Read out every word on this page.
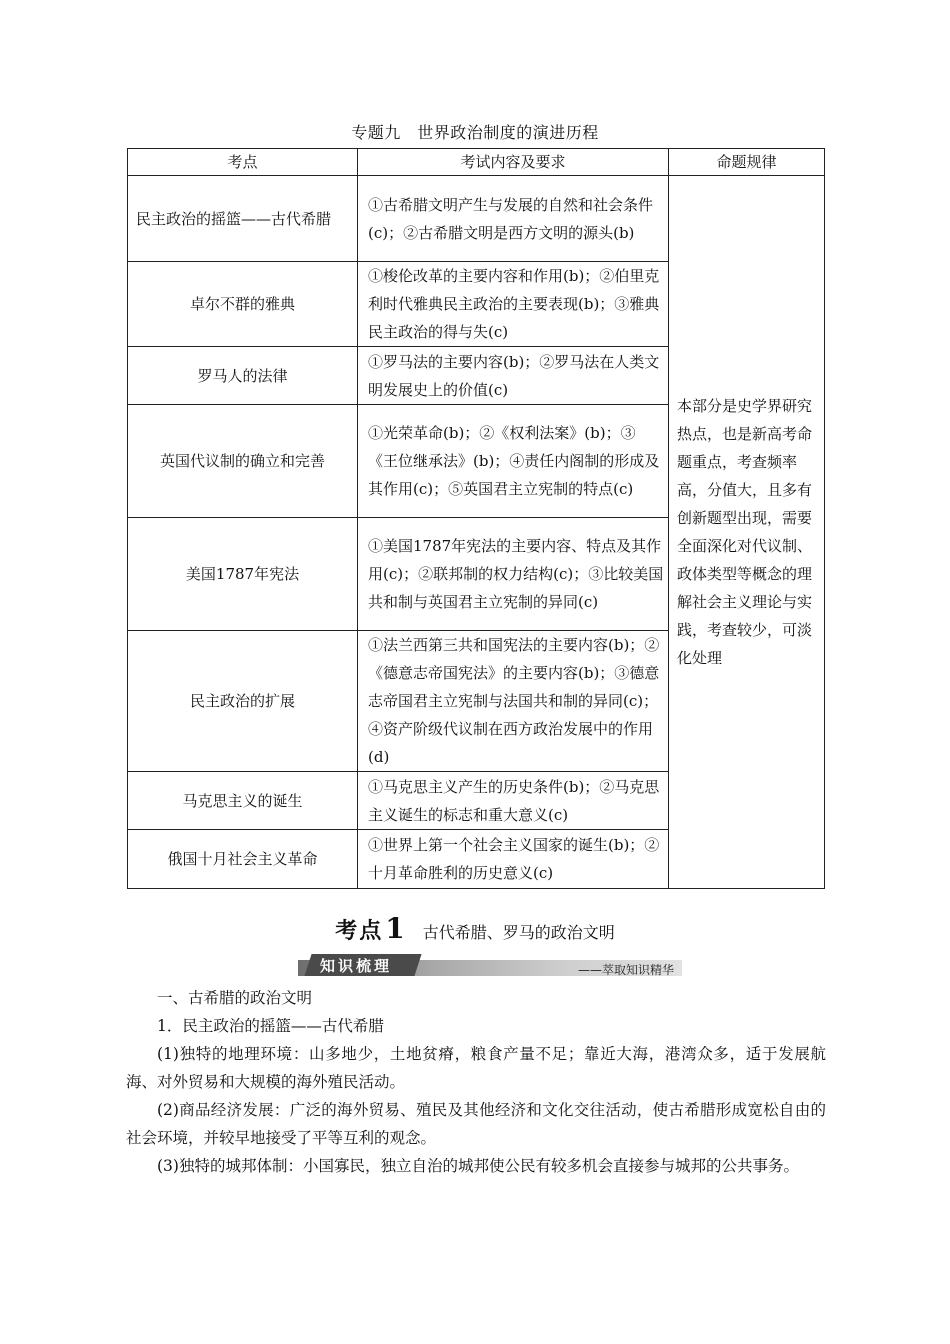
专题九　世界政治制度的演进历程
考点	考试内容及要求	命题规律
民主政治的摇篮——古代希腊	①古希腊文明产生与发展的自然和社会条件(c)；②古希腊文明是西方文明的源头(b)	本部分是史学界研究热点，也是新高考命题重点，考查频率高，分值大，且多有创新题型出现，需要全面深化对代议制、政体类型等概念的理解社会主义理论与实践，考查较少，可淡化处理
卓尔不群的雅典	①梭伦改革的主要内容和作用(b)；②伯里克利时代雅典民主政治的主要表现(b)；③雅典民主政治的得与失(c)	
罗马人的法律	①罗马法的主要内容(b)；②罗马法在人类文明发展史上的价值(c)	
英国代议制的确立和完善	①光荣革命(b)；②《权利法案》(b)；③《王位继承法》(b)；④责任内阁制的形成及其作用(c)；⑤英国君主立宪制的特点(c)	
美国1787年宪法	①美国1787年宪法的主要内容、特点及其作用(c)；②联邦制的权力结构(c)；③比较美国共和制与英国君主立宪制的异同(c)	
民主政治的扩展	①法兰西第三共和国宪法的主要内容(b)；②《德意志帝国宪法》的主要内容(b)；③德意志帝国君主立宪制与法国共和制的异同(c)；④资产阶级代议制在西方政治发展中的作用(d)	
马克思主义的诞生	①马克思主义产生的历史条件(b)；②马克思主义诞生的标志和重大意义(c)	
俄国十月社会主义革命	①世界上第一个社会主义国家的诞生(b)；②十月革命胜利的历史意义(c)	
考点1 古代希腊、罗马的政治文明
知识梳理	——萃取知识精华

一、古希腊的政治文明

1．民主政治的摇篮——古代希腊

(1)独特的地理环境：山多地少，土地贫瘠，粮食产量不足；靠近大海，港湾众多，适于发展航海、对外贸易和大规模的海外殖民活动。

(2)商品经济发展：广泛的海外贸易、殖民及其他经济和文化交往活动，使古希腊形成宽松自由的社会环境，并较早地接受了平等互利的观念。

(3)独特的城邦体制：小国寡民，独立自治的城邦使公民有较多机会直接参与城邦的公共事务。
